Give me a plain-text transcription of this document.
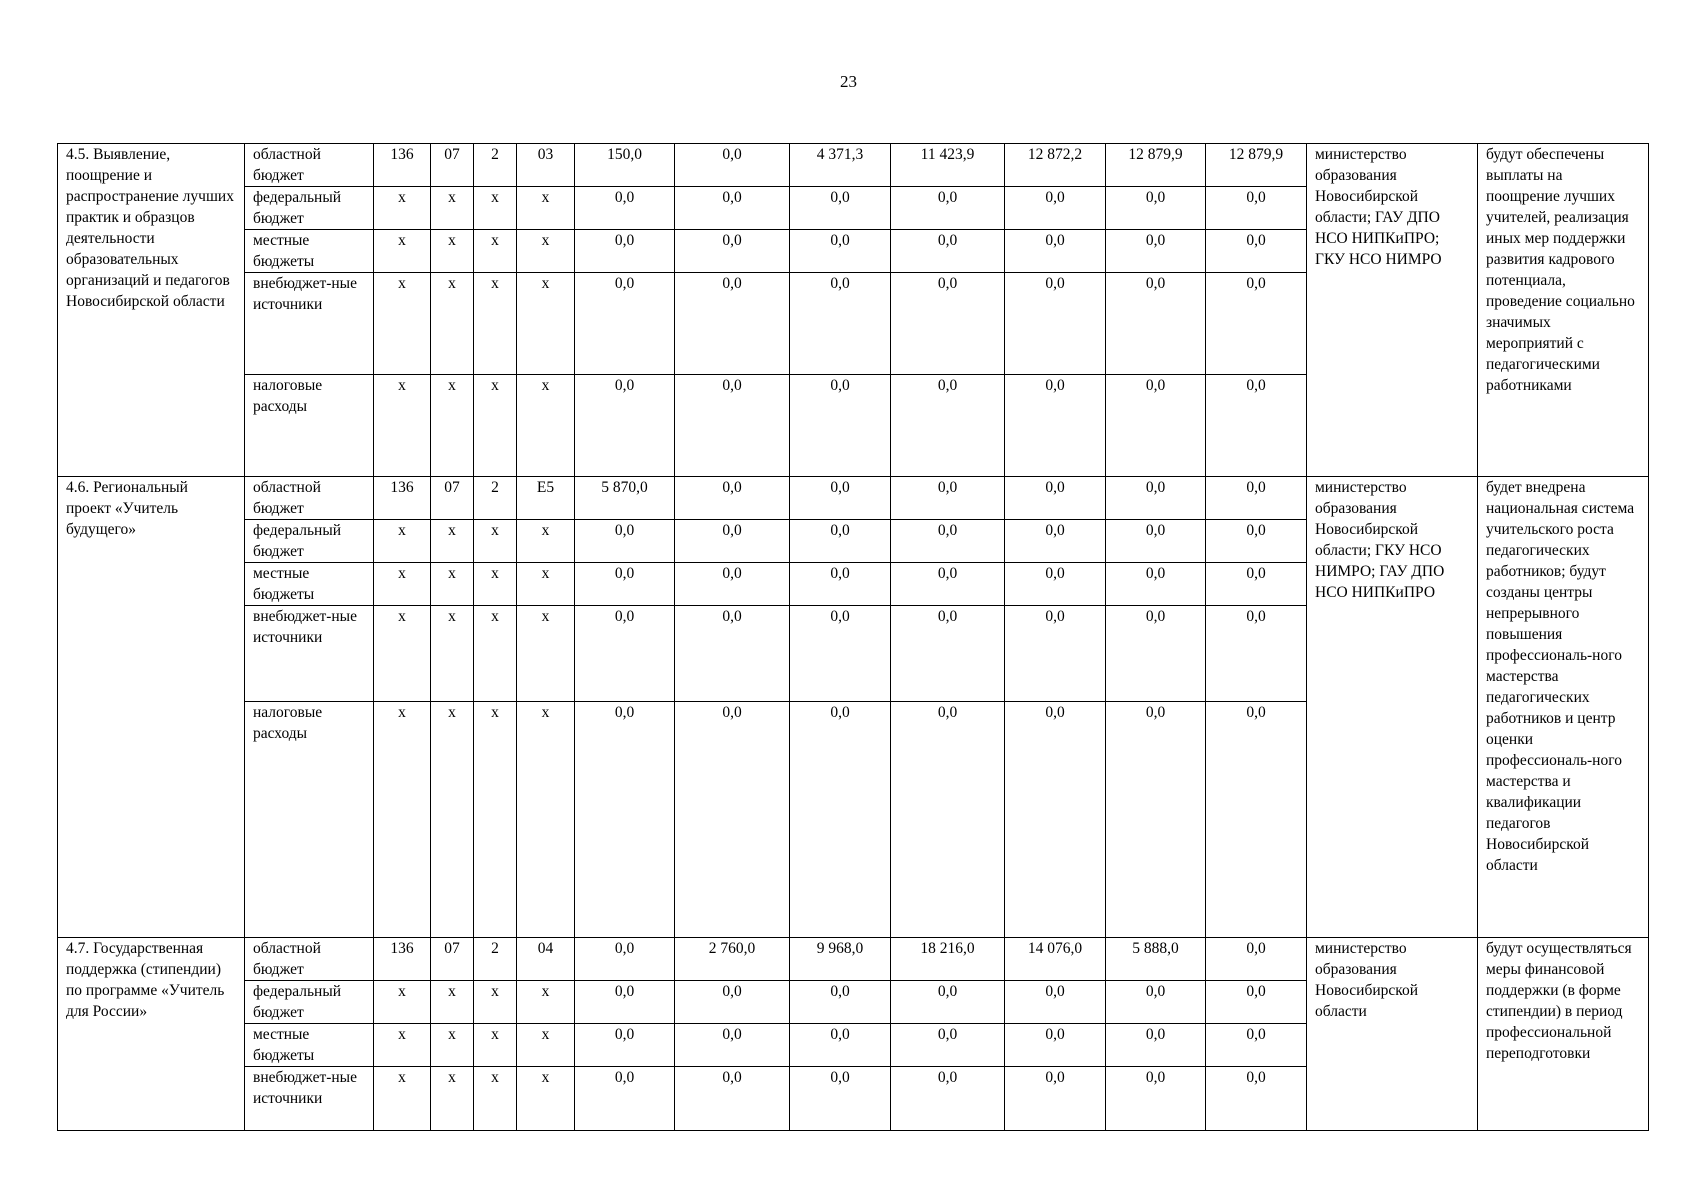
23
4.5. Выявление, поощрение и распространение лучших практик и образцов деятельности образовательных организаций и педагогов Новосибирской области	областной бюджет	136	07	2	03	150,0	0,0	4 371,3	11 423,9	12 872,2	12 879,9	12 879,9	министерство образования Новосибирской области; ГАУ ДПО НСО НИПКиПРО; ГКУ НСО НИМРО	будут обеспечены выплаты на поощрение лучших учителей, реализация иных мер поддержки развития кадрового потенциала, проведение социально значимых мероприятий с педагогическими работниками
	федеральный бюджет	х	х	х	х	0,0	0,0	0,0	0,0	0,0	0,0	0,0		
	местные бюджеты	х	х	х	х	0,0	0,0	0,0	0,0	0,0	0,0	0,0		
	внебюджет-ные источники	х	х	х	х	0,0	0,0	0,0	0,0	0,0	0,0	0,0		
	налоговые расходы	х	х	х	х	0,0	0,0	0,0	0,0	0,0	0,0	0,0		
4.6. Региональный проект «Учитель будущего»	областной бюджет	136	07	2	Е5	5 870,0	0,0	0,0	0,0	0,0	0,0	0,0	министерство образования Новосибирской области; ГКУ НСО НИМРО; ГАУ ДПО НСО НИПКиПРО	будет внедрена национальная система учительского роста педагогических работников; будут созданы центры непрерывного повышения профессиональ-ного мастерства педагогических работников и центр оценки профессиональ-ного мастерства и квалификации педагогов Новосибирской области
	федеральный бюджет	х	х	х	х	0,0	0,0	0,0	0,0	0,0	0,0	0,0		
	местные бюджеты	х	х	х	х	0,0	0,0	0,0	0,0	0,0	0,0	0,0		
	внебюджет-ные источники	х	х	х	х	0,0	0,0	0,0	0,0	0,0	0,0	0,0		
	налоговые расходы	х	х	х	х	0,0	0,0	0,0	0,0	0,0	0,0	0,0		
4.7. Государственная поддержка (стипендии) по программе «Учитель для России»	областной бюджет	136	07	2	04	0,0	2 760,0	9 968,0	18 216,0	14 076,0	5 888,0	0,0	министерство образования Новосибирской области	будут осуществляться меры финансовой поддержки (в форме стипендии) в период профессиональной переподготовки
	федеральный бюджет	х	х	х	х	0,0	0,0	0,0	0,0	0,0	0,0	0,0		
	местные бюджеты	х	х	х	х	0,0	0,0	0,0	0,0	0,0	0,0	0,0		
	внебюджет-ные источники	х	х	х	х	0,0	0,0	0,0	0,0	0,0	0,0	0,0		
